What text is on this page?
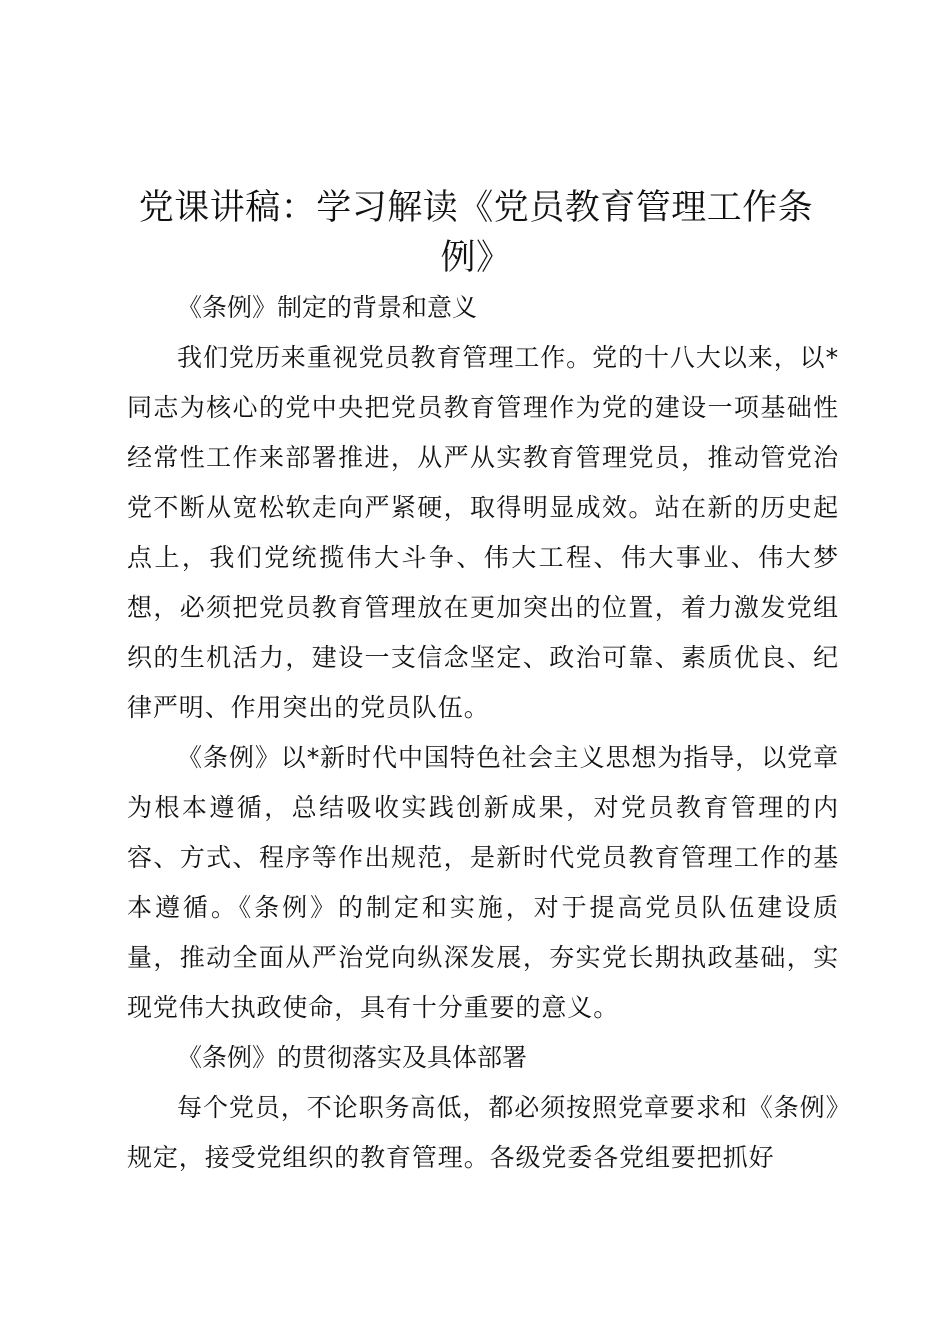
党课讲稿：学习解读《党员教育管理工作条例》

《条例》制定的背景和意义

我们党历来重视党员教育管理工作。党的十八大以来，以*同志为核心的党中央把党员教育管理作为党的建设一项基础性经常性工作来部署推进，从严从实教育管理党员，推动管党治党不断从宽松软走向严紧硬，取得明显成效。站在新的历史起点上，我们党统揽伟大斗争、伟大工程、伟大事业、伟大梦想，必须把党员教育管理放在更加突出的位置，着力激发党组织的生机活力，建设一支信念坚定、政治可靠、素质优良、纪律严明、作用突出的党员队伍。

《条例》以*新时代中国特色社会主义思想为指导，以党章为根本遵循，总结吸收实践创新成果，对党员教育管理的内容、方式、程序等作出规范，是新时代党员教育管理工作的基本遵循。《条例》的制定和实施，对于提高党员队伍建设质量，推动全面从严治党向纵深发展，夯实党长期执政基础，实现党伟大执政使命，具有十分重要的意义。

《条例》的贯彻落实及具体部署

每个党员，不论职务高低，都必须按照党章要求和《条例》规定，接受党组织的教育管理。各级党委各党组要把抓好
